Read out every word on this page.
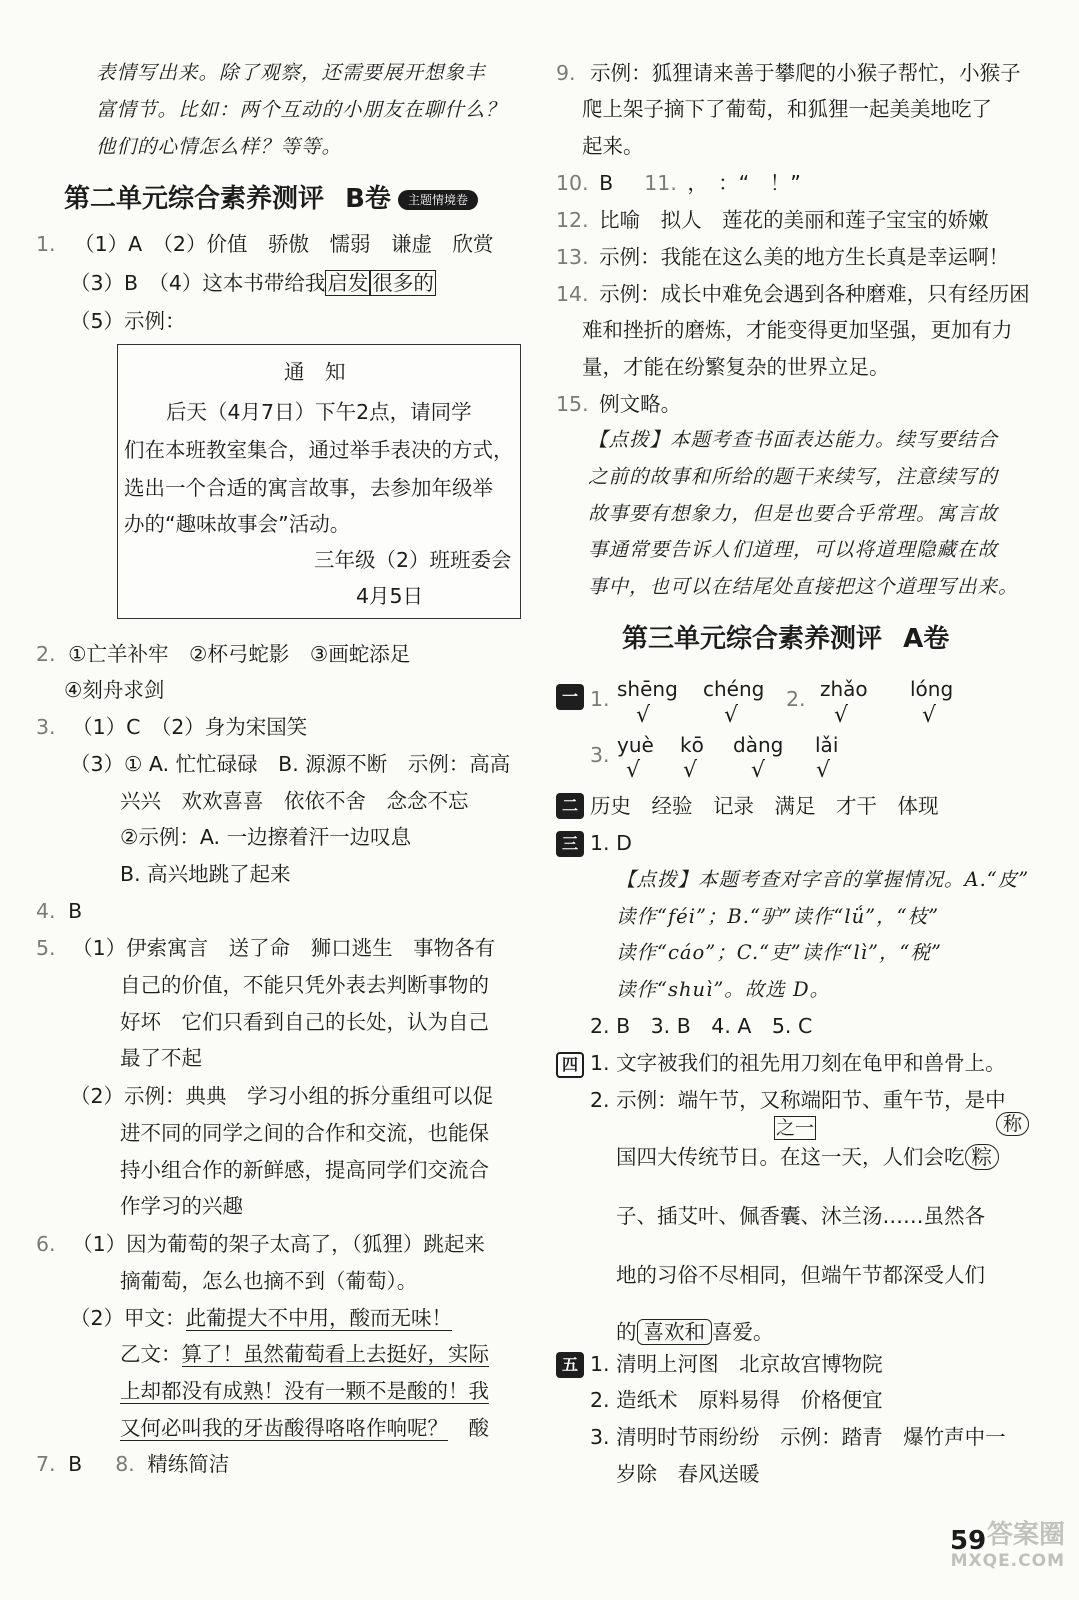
表情写出来。除了观察，还需要展开想象丰
富情节。比如：两个互动的小朋友在聊什么？
他们的心情怎么样？等等。
第二单元综合素养测评 B卷	主题情境卷
1. （1）A　（2）价值　骄傲　懦弱　谦虚　欣赏
（3）B　（4）这本书带给我启发 很多的
（5）示例：
通　知
后天（4月7日）下午2点，请同学
们在本班教室集合，通过举手表决的方式，
选出一个合适的寓言故事，去参加年级举
办的“趣味故事会”活动。
三年级（2）班班委会
4月5日
2. ①亡羊补牢　②杯弓蛇影　③画蛇添足
④刻舟求剑
3. （1）C　（2）身为宋国笑
（3）① A. 忙忙碌碌　B. 源源不断　示例：高高
兴兴　欢欢喜喜　依依不舍　念念不忘
②示例：A. 一边擦着汗一边叹息
B. 高兴地跳了起来
4. B
5. （1）伊索寓言　送了命　狮口逃生　事物各有
自己的价值，不能只凭外表去判断事物的
好坏　它们只看到自己的长处，认为自己
最了不起
（2）示例：典典　学习小组的拆分重组可以促
进不同的同学之间的合作和交流，也能保
持小组合作的新鲜感，提高同学们交流合
作学习的兴趣
6. （1）因为葡萄的架子太高了，（狐狸）跳起来
摘葡萄，怎么也摘不到（葡萄）。
（2）甲文：此葡提大不中用，酸而无味！
乙文：算了！虽然葡萄看上去挺好，实际
上却都没有成熟！没有一颗不是酸的！我
又何必叫我的牙齿酸得咯咯作响呢？　酸
7. B　 8. 精练简洁
9. 示例：狐狸请来善于攀爬的小猴子帮忙，小猴子
爬上架子摘下了葡萄，和狐狸一起美美地吃了
起来。
10. B　 11. ，　：“　！”
12. 比喻　拟人　莲花的美丽和莲子宝宝的娇嫩
13. 示例：我能在这么美的地方生长真是幸运啊！
14. 示例：成长中难免会遇到各种磨难，只有经历困
难和挫折的磨炼，才能变得更加坚强，更加有力
量，才能在纷繁复杂的世界立足。
15. 例文略。
【点拨】本题考查书面表达能力。续写要结合
之前的故事和所给的题干来续写，注意续写的
故事要有想象力，但是也要合乎常理。寓言故
事通常要告诉人们道理，可以将道理隐藏在故
事中，也可以在结尾处直接把这个道理写出来。
第三单元综合素养测评 A卷
一 1. shēng chéng 2. zhǎo lóng
√	√	√	√
3. yuè kō dàng lǎi
√ √ √ √
二 历史　经验　记录　满足　才干　体现
三 1. D
【点拨】本题考查对字音的掌握情况。A.“皮”
读作“féi”；B.“驴”读作“lǘ”，“枝”
读作“cáo”；C.“吏”读作“lì”，“税”
读作“shuì”。故选 D。
2. B　3. B　4. A　5. C
四 1. 文字被我们的祖先用刀刻在龟甲和兽骨上。
2. 示例：端午节，又称端阳节、重午节，是中
之一	称
国四大传统节日。在这一天，人们会吃 粽
子、插艾叶、佩香囊、沐兰汤……虽然各
地的习俗不尽相同，但端午节都深受人们
的 喜欢和 喜爱。
五 1. 清明上河图　北京故宫博物院
2. 造纸术　原料易得　价格便宜
3. 清明时节雨纷纷　示例：踏青　爆竹声中一
岁除　春风送暖
59 答案圈
MXQE.COM
